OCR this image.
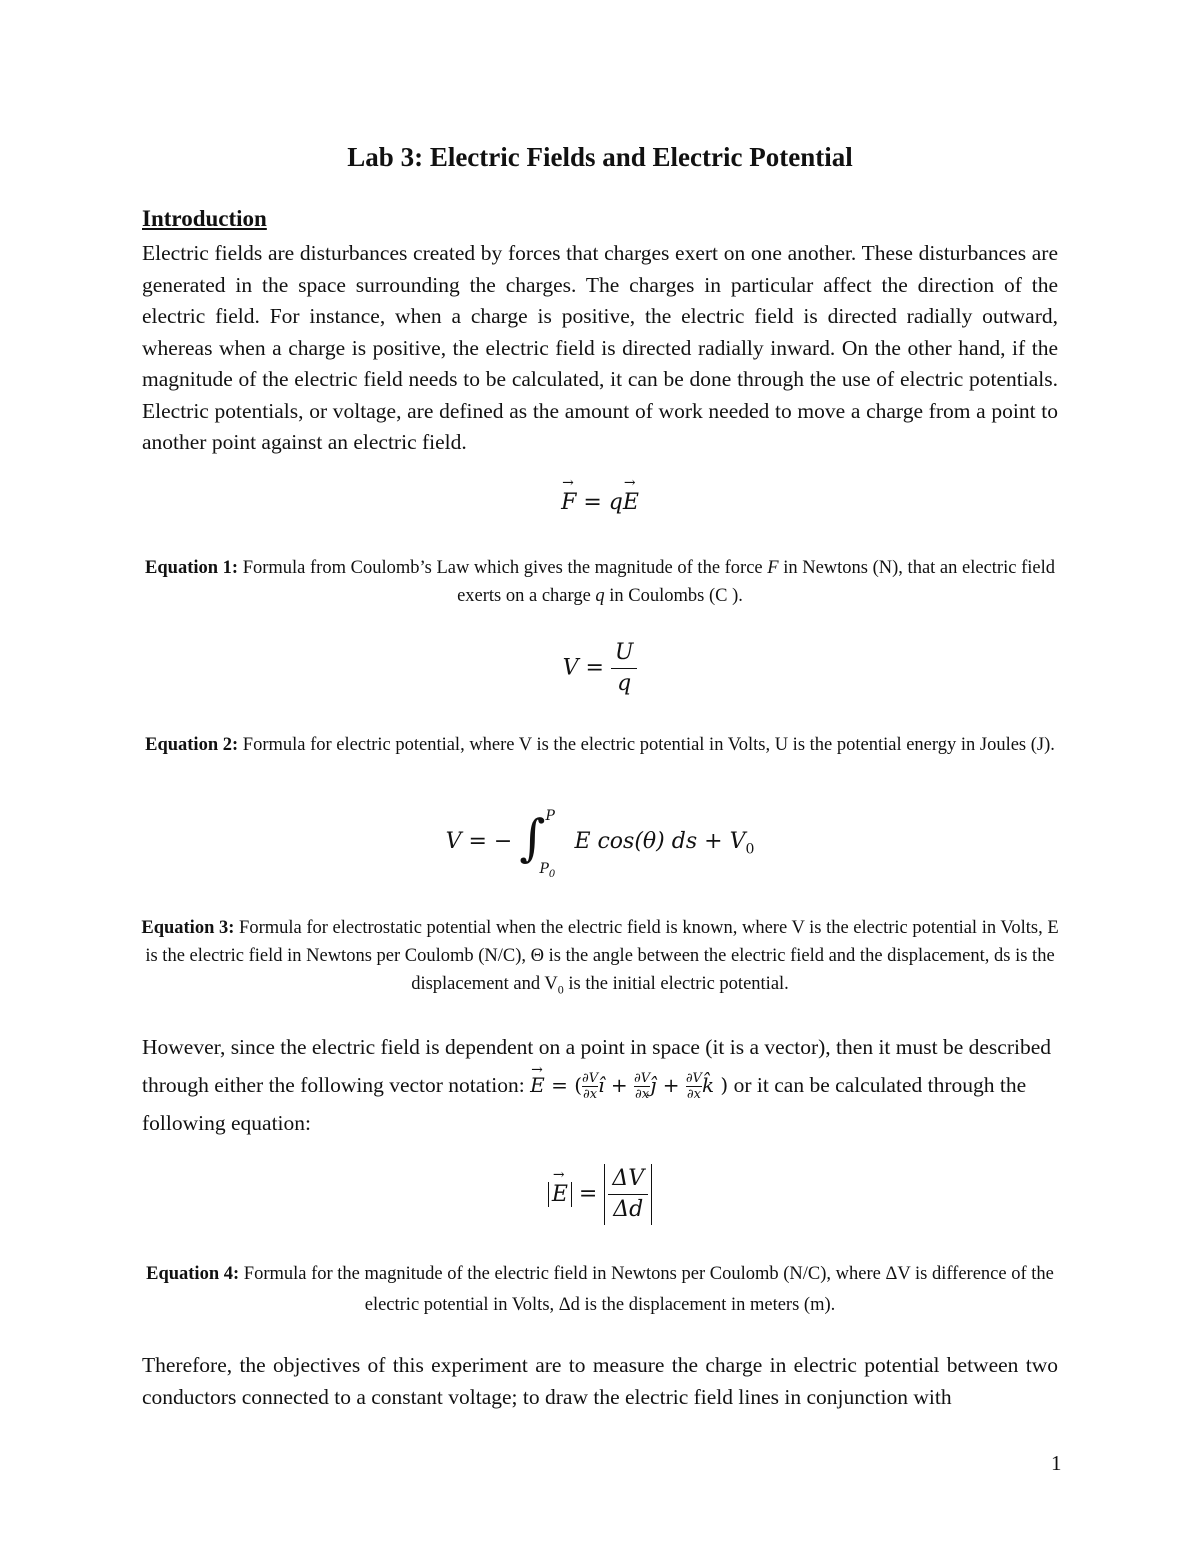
Lab 3: Electric Fields and Electric Potential
Introduction
Electric fields are disturbances created by forces that charges exert on one another. These disturbances are generated in the space surrounding the charges. The charges in particular affect the direction of the electric field. For instance, when a charge is positive, the electric field is directed radially outward, whereas when a charge is positive, the electric field is directed radially inward. On the other hand, if the magnitude of the electric field needs to be calculated, it can be done through the use of electric potentials. Electric potentials, or voltage, are defined as the amount of work needed to move a charge from a point to another point against an electric field.
→ F = q→ E
Equation 1: Formula from Coulomb’s Law which gives the magnitude of the force F in Newtons (N), that an electric field exerts on a charge q in Coulombs (C ).
$V = \frac{U}{q}$
Equation 2: Formula for electric potential, where V is the electric potential in Volts, U is the potential energy in Joules (J).
V = − ∫ P
$P_0$
E cos(θ) ds + $V_0$
Equation 3: Formula for electrostatic potential when the electric field is known, where V is the electric potential in Volts, E is the electric field in Newtons per Coulomb (N/C), Θ is the angle between the electric field and the displacement, ds is the displacement and $V_0$ is the initial electric potential.
However, since the electric field is dependent on a point in space (it is a vector), then it must be described through either the following vector notation: → E = ( $\frac{\partial V}{\partial x}$ î + $\frac{\partial V}{\partial x}$ ĵ + $\frac{\partial V}{\partial x}$ k̂ ) or it can be calculated through the following equation:
→ $E = \frac{\Delta V}{\Delta d}$
Equation 4: Formula for the magnitude of the electric field in Newtons per Coulomb (N/C), where ΔV is difference of the electric potential in Volts, Δd is the displacement in meters (m).
Therefore, the objectives of this experiment are to measure the charge in electric potential between two conductors connected to a constant voltage; to draw the electric field lines in conjunction with
1
